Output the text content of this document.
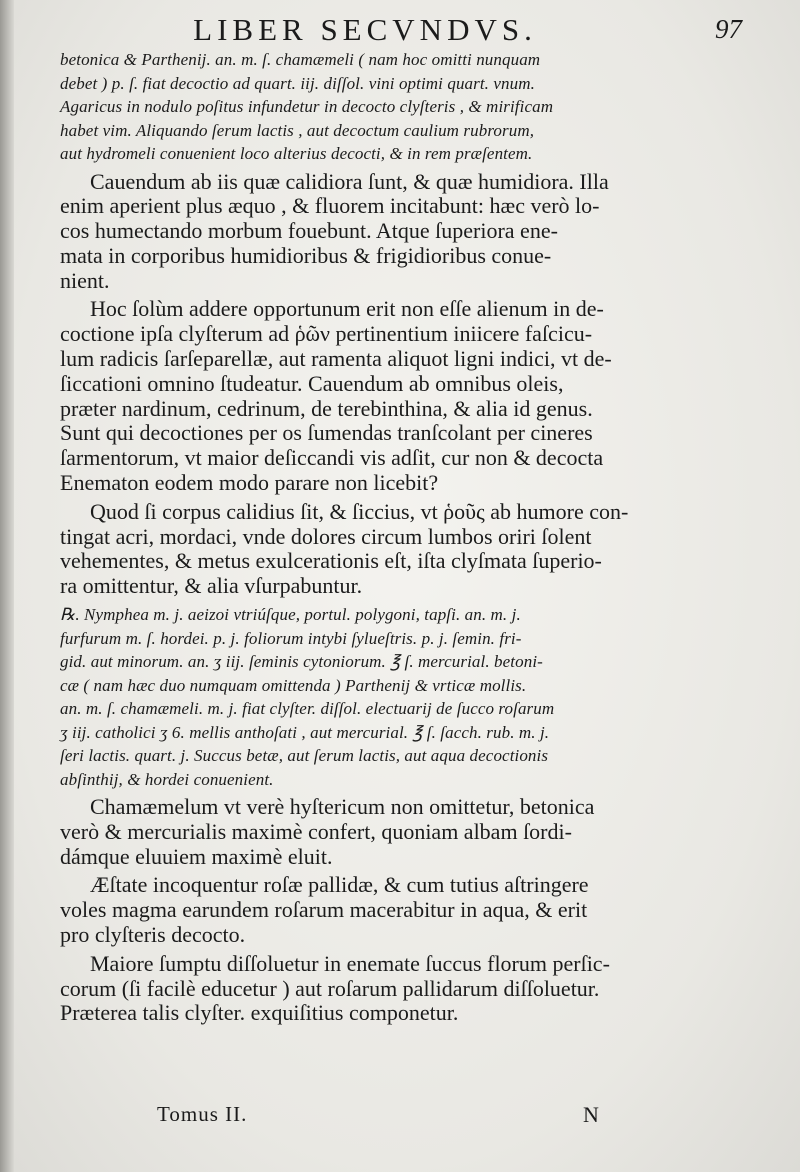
LIBER SECVNDVS.	97
betonica & Parthenij. an. m. ſ. chamæmeli ( nam hoc omitti nunquam
debet ) p. ſ. fiat decoctio ad quart. iij. diſſol. vini optimi quart. vnum.
Agaricus in nodulo poſitus infundetur in decocto clyſteris , & mirificam
habet vim. Aliquando ſerum lactis , aut decoctum caulium rubrorum,
aut hydromeli conuenient loco alterius decocti, & in rem præſentem.
Cauendum ab iis quæ calidiora ſunt, & quæ humidiora. Illa
enim aperient plus æquo , & fluorem incitabunt: hæc verò lo-
cos humectando morbum fouebunt. Atque ſuperiora ene-
mata in corporibus humidioribus & frigidioribus conue-
nient.
Hoc ſolùm addere opportunum erit non eſſe alienum in de-
coctione ipſa clyſterum ad ῥῶν pertinentium iniicere faſcicu-
lum radicis ſarſeparellæ, aut ramenta aliquot ligni indici, vt de-
ſiccationi omnino ſtudeatur. Cauendum ab omnibus oleis,
præter nardinum, cedrinum, de terebinthina, & alia id genus.
Sunt qui decoctiones per os ſumendas tranſcolant per cineres
ſarmentorum, vt maior deſiccandi vis adſit, cur non & decocta
Enematon eodem modo parare non licebit?
Quod ſi corpus calidius ſit, & ſiccius, vt ῥοῦς ab humore con-
tingat acri, mordaci, vnde dolores circum lumbos oriri ſolent
vehementes, & metus exulcerationis eſt, iſta clyſmata ſuperio-
ra omittentur, & alia vſurpabuntur.
℞. Nymphea m. j. aeizoi vtriúſque, portul. polygoni, tapſi. an. m. j.
furfurum m. ſ. hordei. p. j. foliorum intybi ſylueſtris. p. j. ſemin. fri-
gid. aut minorum. an. ʒ iij. ſeminis cytoniorum. ℥ ſ. mercurial. betoni-
cæ ( nam hæc duo numquam omittenda ) Parthenij & vrticæ mollis.
an. m. ſ. chamæmeli. m. j. fiat clyſter. diſſol. electuarij de ſucco roſarum
ʒ iij. catholici ʒ 6. mellis anthoſati , aut mercurial. ℥ ſ. ſacch. rub. m. j.
ſeri lactis. quart. j. Succus betæ, aut ſerum lactis, aut aqua decoctionis
abſinthij, & hordei conuenient.
Chamæmelum vt verè hyſtericum non omittetur, betonica
verò & mercurialis maximè confert, quoniam albam ſordi-
dámque eluuiem maximè eluit.
Æſtate incoquentur roſæ pallidæ, & cum tutius aſtringere
voles magma earundem roſarum macerabitur in aqua, & erit
pro clyſteris decocto.
Maiore ſumptu diſſoluetur in enemate ſuccus florum perſic-
corum (ſi facilè educetur ) aut roſarum pallidarum diſſoluetur.
Præterea talis clyſter. exquiſitius componetur.
Tomus II.	N
